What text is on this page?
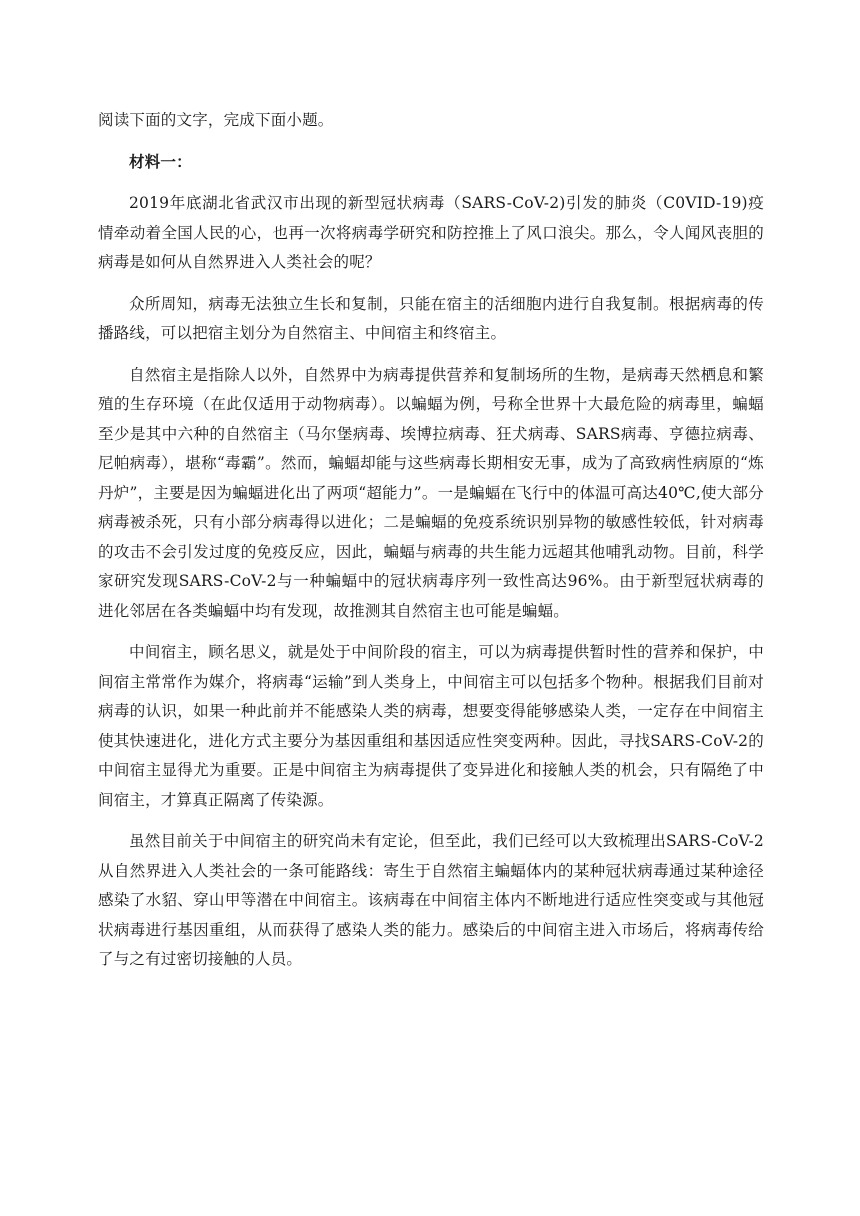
阅读下面的文字，完成下面小题。

材料一：

2019年底湖北省武汉市出现的新型冠状病毒（SARS-CoV-2)引发的肺炎（C0VID-19)疫情牵动着全国人民的心，也再一次将病毒学研究和防控推上了风口浪尖。那么，令人闻风丧胆的病毒是如何从自然界进入人类社会的呢？

众所周知，病毒无法独立生长和复制，只能在宿主的活细胞内进行自我复制。根据病毒的传播路线，可以把宿主划分为自然宿主、中间宿主和终宿主。

自然宿主是指除人以外，自然界中为病毒提供营养和复制场所的生物，是病毒天然栖息和繁殖的生存环境（在此仅适用于动物病毒）。以蝙蝠为例，号称全世界十大最危险的病毒里，蝙蝠至少是其中六种的自然宿主（马尔堡病毒、埃博拉病毒、狂犬病毒、SARS病毒、亨德拉病毒、尼帕病毒），堪称“毒霸”。然而，蝙蝠却能与这些病毒长期相安无事，成为了高致病性病原的“炼丹炉”，主要是因为蝙蝠进化出了两项“超能力”。一是蝙蝠在飞行中的体温可高达40℃,使大部分病毒被杀死，只有小部分病毒得以进化；二是蝙蝠的免疫系统识别异物的敏感性较低，针对病毒的攻击不会引发过度的免疫反应，因此，蝙蝠与病毒的共生能力远超其他哺乳动物。目前，科学家研究发现SARS-CoV-2与一种蝙蝠中的冠状病毒序列一致性高达96%。由于新型冠状病毒的进化邻居在各类蝙蝠中均有发现，故推测其自然宿主也可能是蝙蝠。

中间宿主，顾名思义，就是处于中间阶段的宿主，可以为病毒提供暂时性的营养和保护，中间宿主常常作为媒介，将病毒“运输”到人类身上，中间宿主可以包括多个物种。根据我们目前对病毒的认识，如果一种此前并不能感染人类的病毒，想要变得能够感染人类，一定存在中间宿主使其快速进化，进化方式主要分为基因重组和基因适应性突变两种。因此，寻找SARS-CoV-2的中间宿主显得尤为重要。正是中间宿主为病毒提供了变异进化和接触人类的机会，只有隔绝了中间宿主，才算真正隔离了传染源。

虽然目前关于中间宿主的研究尚未有定论，但至此，我们已经可以大致梳理出SARS-CoV-2从自然界进入人类社会的一条可能路线：寄生于自然宿主蝙蝠体内的某种冠状病毒通过某种途径感染了水貂、穿山甲等潜在中间宿主。该病毒在中间宿主体内不断地进行适应性突变或与其他冠状病毒进行基因重组，从而获得了感染人类的能力。感染后的中间宿主进入市场后，将病毒传给了与之有过密切接触的人员。
